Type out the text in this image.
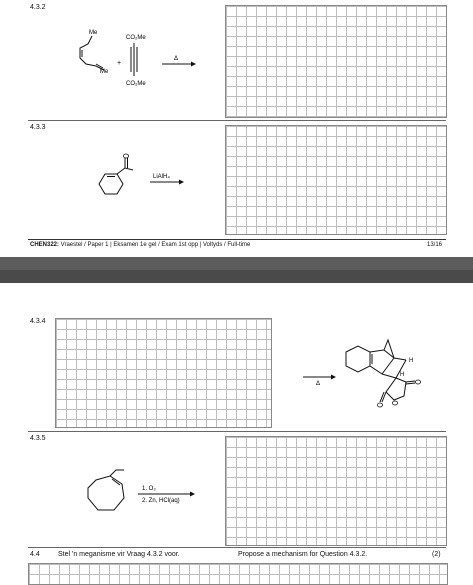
4.3.2
Me
Me
+
CO₂Me
CO₂Me
Δ
4.3.3
LiAlH₄
CHEN322: Vraestel / Paper 1 | Eksamen 1e gel / Exam 1st opp | Voltyds / Full-time	13/16
4.3.4
Δ
H
H
4.3.5
1. O₃
2. Zn, HCl(aq)
4.4	Stel 'n meganisme vir Vraag 4.3.2 voor.	Propose a mechanism for Question 4.3.2.	(2)
